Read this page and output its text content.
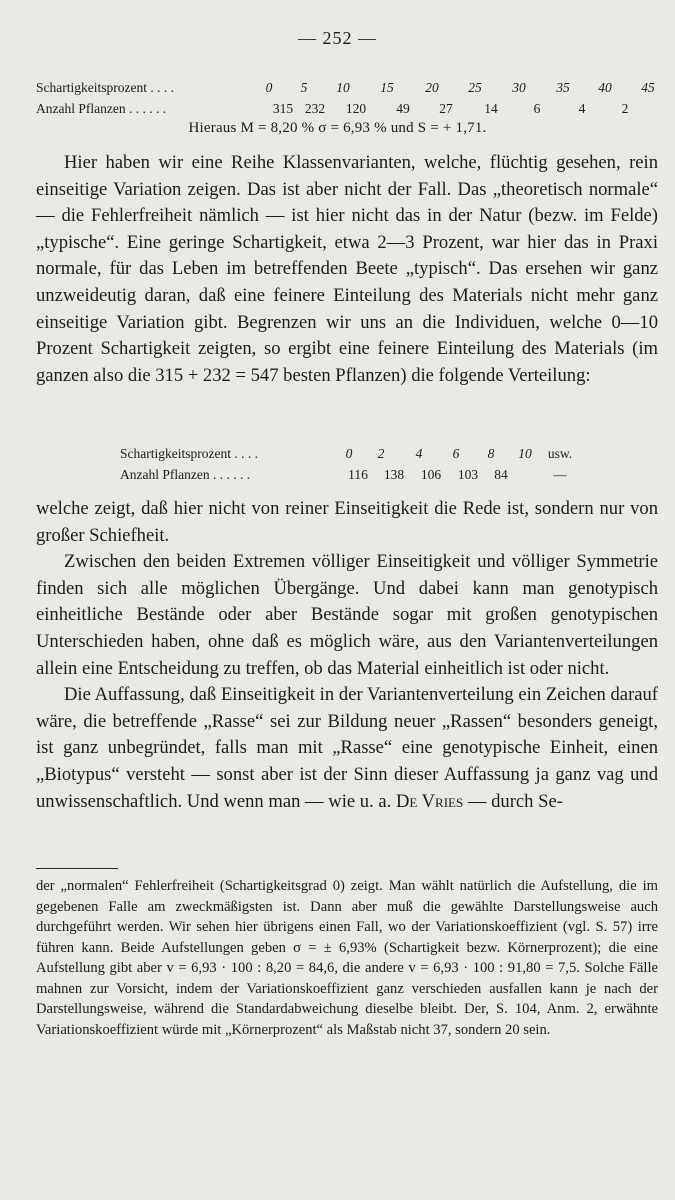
— 252 —
Schartigkeitsprozent . . . .	0	5	10	15	20	25	30	35	40	45
Anzahl Pflanzen . . . . . .	315 232	120	49	27	14	6	4	2
Hieraus M = 8,20 % σ = 6,93 % und S = + 1,71.

Hier haben wir eine Reihe Klassenvarianten, welche, flüchtig gesehen, rein einseitige Variation zeigen. Das ist aber nicht der Fall. Das „theoretisch normale“ — die Fehlerfreiheit nämlich — ist hier nicht das in der Natur (bezw. im Felde) „typische“. Eine geringe Schartigkeit, etwa 2—3 Prozent, war hier das in Praxi normale, für das Leben im betreffenden Beete „typisch“. Das ersehen wir ganz unzweideutig daran, daß eine feinere Einteilung des Materials nicht mehr ganz einseitige Variation gibt. Begrenzen wir uns an die Individuen, welche 0—10 Prozent Schartigkeit zeigten, so ergibt eine feinere Einteilung des Materials (im ganzen also die 315 + 232 = 547 besten Pflanzen) die folgende Verteilung:

Schartigkeitsprozent . . . .	0	2	4	6	8	10	usw.
Anzahl Pflanzen . . . . . .	116	138	106	103	84	—

welche zeigt, daß hier nicht von reiner Einseitigkeit die Rede ist, sondern nur von großer Schiefheit.

Zwischen den beiden Extremen völliger Einseitigkeit und völliger Symmetrie finden sich alle möglichen Übergänge. Und dabei kann man genotypisch einheitliche Bestände oder aber Bestände sogar mit großen genotypischen Unterschieden haben, ohne daß es möglich wäre, aus den Variantenverteilungen allein eine Entscheidung zu treffen, ob das Material einheitlich ist oder nicht.

Die Auffassung, daß Einseitigkeit in der Variantenverteilung ein Zeichen darauf wäre, die betreffende „Rasse“ sei zur Bildung neuer „Rassen“ besonders geneigt, ist ganz unbegründet, falls man mit „Rasse“ eine genotypische Einheit, einen „Biotypus“ versteht — sonst aber ist der Sinn dieser Auffassung ja ganz vag und unwissenschaftlich. Und wenn man — wie u. a. De Vries — durch Se-

der „normalen“ Fehlerfreiheit (Schartigkeitsgrad 0) zeigt. Man wählt natürlich die Aufstellung, die im gegebenen Falle am zweckmäßigsten ist. Dann aber muß die gewählte Darstellungsweise auch durchgeführt werden. Wir sehen hier übrigens einen Fall, wo der Variationskoeffizient (vgl. S. 57) irre führen kann. Beide Aufstellungen geben σ = ± 6,93% (Schartigkeit bezw. Körnerprozent); die eine Aufstellung gibt aber v = 6,93 · 100 : 8,20 = 84,6, die andere v = 6,93 · 100 : 91,80 = 7,5. Solche Fälle mahnen zur Vorsicht, indem der Variationskoeffizient ganz verschieden ausfallen kann je nach der Darstellungsweise, während die Standardabweichung dieselbe bleibt. Der, S. 104, Anm. 2, erwähnte Variationskoeffizient würde mit „Körnerprozent“ als Maßstab nicht 37, sondern 20 sein.
